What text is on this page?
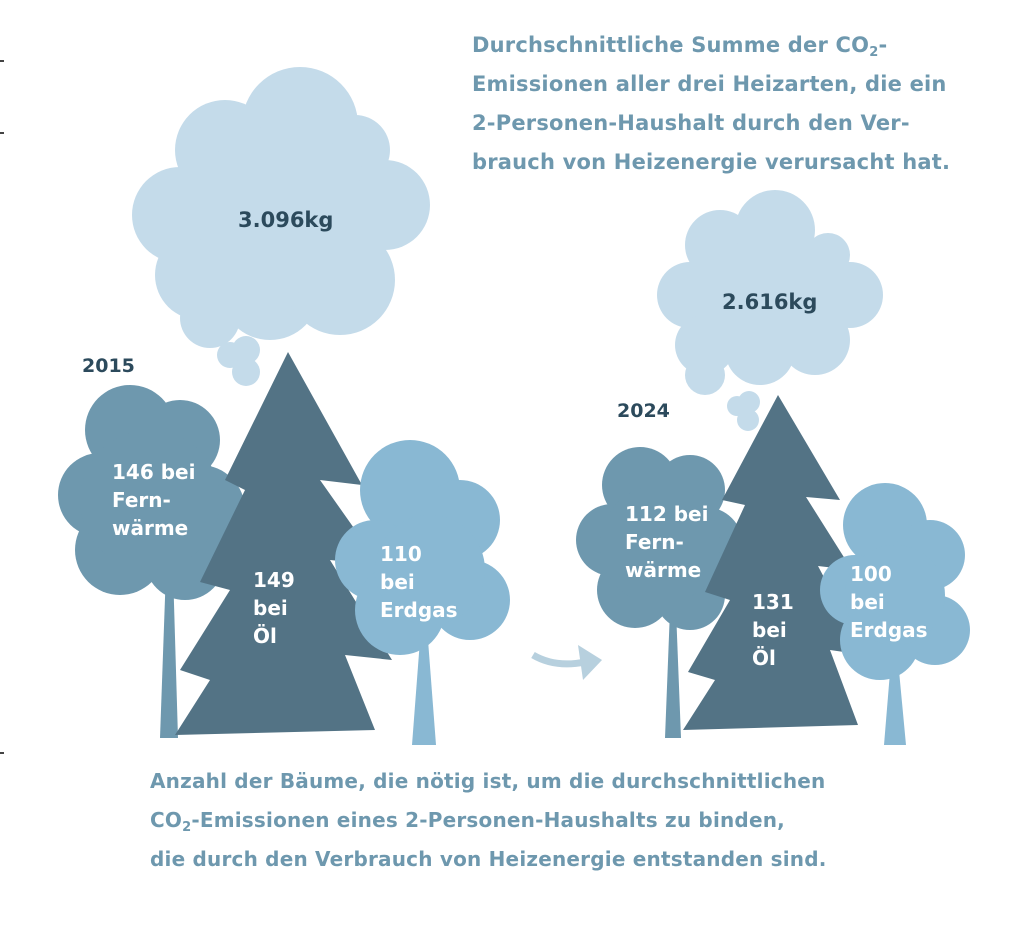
Durchschnittliche Summe der $CO_2-$
Emissionen aller drei Heizarten, die ein
2-Personen-Haushalt durch den Ver-
brauch von Heizenergie verursacht hat.
3.096kg
2015
146 bei
Fern-
wärme
149
bei
Öl
110
bei
Erdgas
2.616kg
2024
112 bei
Fern-
wärme
131
bei
Öl
100
bei
Erdgas
Anzahl der Bäume, die nötig ist, um die durchschnittlichen
$CO_2$-Emissionen eines 2-Personen-Haushalts zu binden,
die durch den Verbrauch von Heizenergie entstanden sind.
